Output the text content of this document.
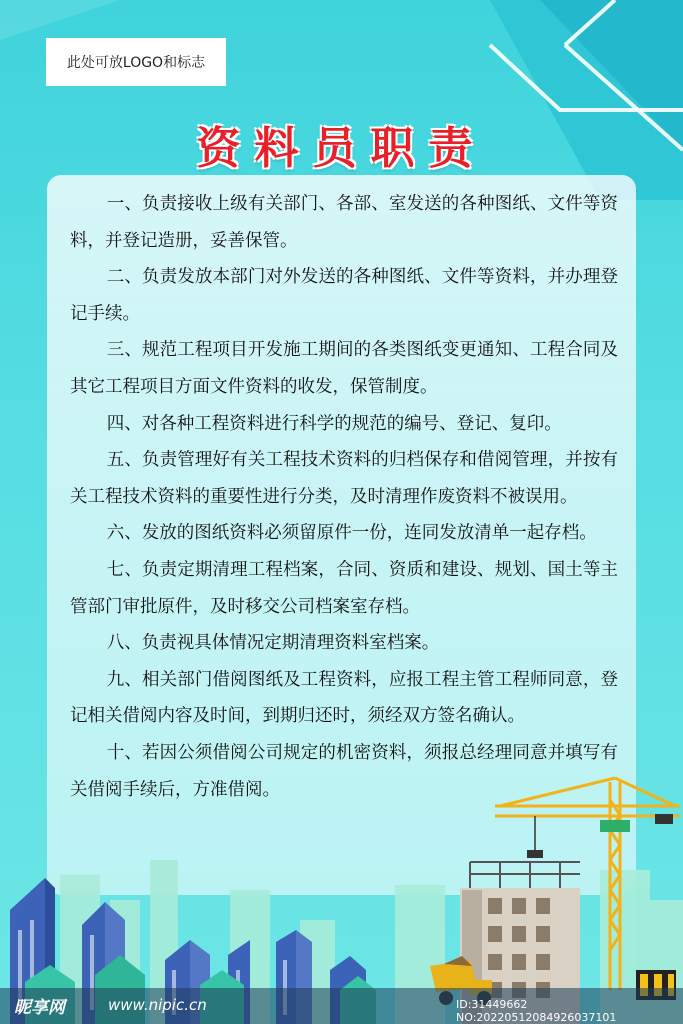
此处可放LOGO和标志
资料员职责

一、负责接收上级有关部门、各部、室发送的各种图纸、文件等资料，并登记造册，妥善保管。

二、负责发放本部门对外发送的各种图纸、文件等资料，并办理登记手续。

三、规范工程项目开发施工期间的各类图纸变更通知、工程合同及其它工程项目方面文件资料的收发，保管制度。

四、对各种工程资料进行科学的规范的编号、登记、复印。

五、负责管理好有关工程技术资料的归档保存和借阅管理，并按有关工程技术资料的重要性进行分类，及时清理作废资料不被误用。

六、发放的图纸资料必须留原件一份，连同发放清单一起存档。

七、负责定期清理工程档案，合同、资质和建设、规划、国土等主管部门审批原件，及时移交公司档案室存档。

八、负责视具体情况定期清理资料室档案。

九、相关部门借阅图纸及工程资料，应报工程主管工程师同意，登记相关借阅内容及时间，到期归还时，须经双方签名确认。

十、若因公须借阅公司规定的机密资料，须报总经理同意并填写有关借阅手续后，方准借阅。

昵享网	www.nipic.cn	ID:31449662 NO:20220512084926037101
